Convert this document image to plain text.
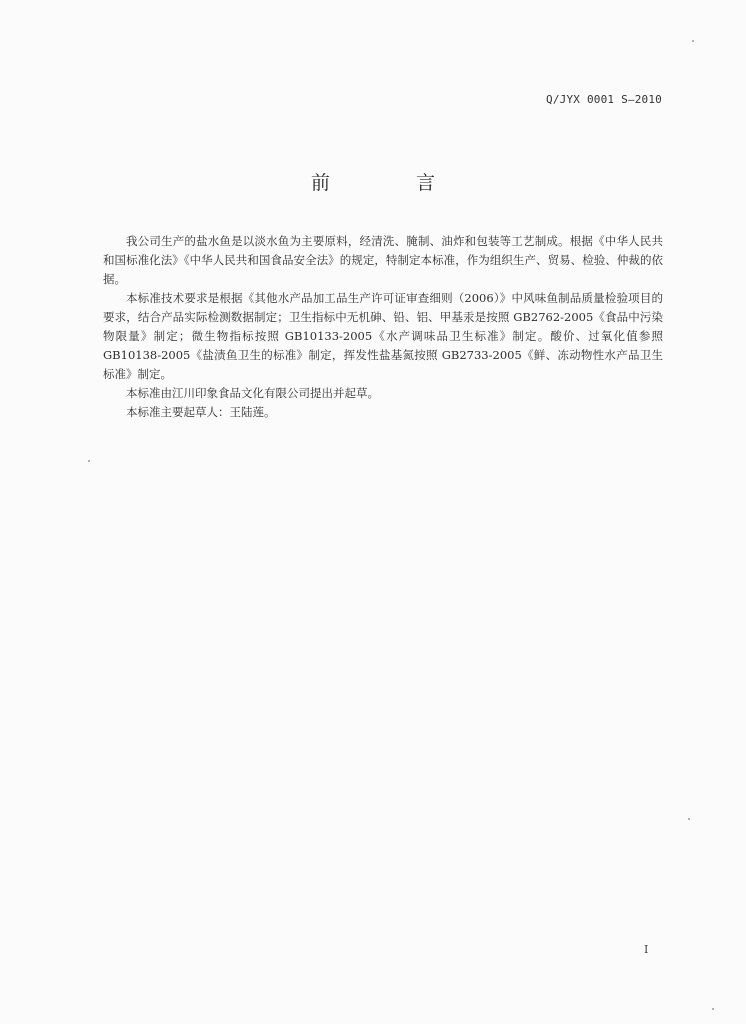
Q/JYX 0001 S—2010
前 言

我公司生产的盐水鱼是以淡水鱼为主要原料，经清洗、腌制、油炸和包装等工艺制成。根据《中华人民共和国标准化法》《中华人民共和国食品安全法》的规定，特制定本标准，作为组织生产、贸易、检验、仲裁的依据。

本标准技术要求是根据《其他水产品加工品生产许可证审查细则（2006）》中风味鱼制品质量检验项目的要求，结合产品实际检测数据制定；卫生指标中无机砷、铅、铝、甲基汞是按照 GB2762-2005《食品中污染物限量》制定；微生物指标按照 GB10133-2005《水产调味品卫生标准》制定。酸价、过氧化值参照 GB10138-2005《盐渍鱼卫生的标准》制定，挥发性盐基氮按照 GB2733-2005《鲜、冻动物性水产品卫生标准》制定。

本标准由江川印象食品文化有限公司提出并起草。

本标准主要起草人：王陆莲。

I
